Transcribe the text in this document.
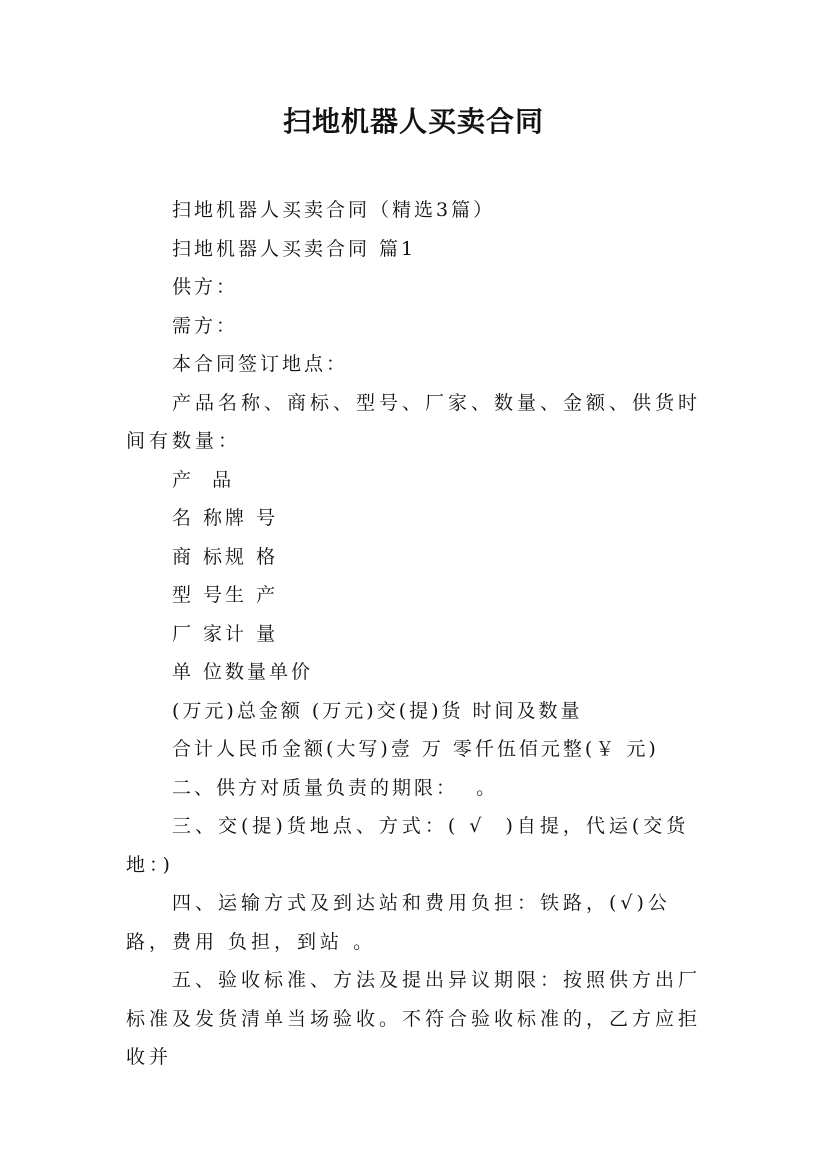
扫地机器人买卖合同

扫地机器人买卖合同（精选3篇）

扫地机器人买卖合同 篇1

供方：

需方：

本合同签订地点：

产品名称、商标、型号、厂家、数量、金额、供货时间有数量：

产  品

名 称牌 号

商 标规 格

型 号生 产

厂 家计 量

单 位数量单价

(万元)总金额 (万元)交(提)货 时间及数量

合计人民币金额(大写)壹 万 零仟伍佰元整(￥ 元)

二、供方对质量负责的期限：  。

三、交(提)货地点、方式：( √  )自提，代运(交货地：)

四、运输方式及到达站和费用负担：铁路，(√)公路，费用 负担，到站 。

五、验收标准、方法及提出异议期限：按照供方出厂标准及发货清单当场验收。不符合验收标准的，乙方应拒收并
